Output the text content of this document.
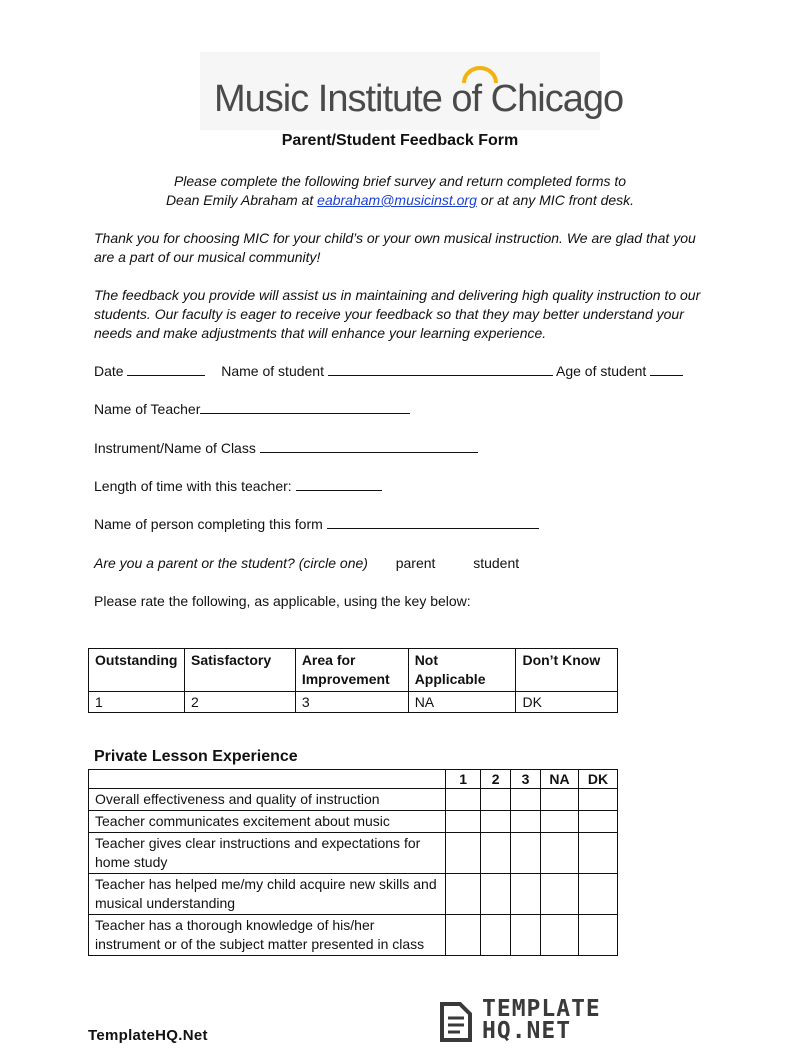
Music Institute of Chicago
Parent/Student Feedback Form
Please complete the following brief survey and return completed forms to
Dean Emily Abraham at eabraham@musicinst.org or at any MIC front desk.
Thank you for choosing MIC for your child’s or your own musical instruction. We are glad that you are a part of our musical community!
The feedback you provide will assist us in maintaining and delivering high quality instruction to our students. Our faculty is eager to receive your feedback so that they may better understand your needs and make adjustments that will enhance your learning experience.
Date	Name of student	Age of student
Name of Teacher
Instrument/Name of Class
Length of time with this teacher:
Name of person completing this form
Are you a parent or the student? (circle one) parent	student
Please rate the following, as applicable, using the key below:
Outstanding	Satisfactory	Area for Improvement	Not Applicable	Don’t Know
1	2	3	NA	DK
Private Lesson Experience
	1	2	3	NA	DK
Overall effectiveness and quality of instruction					
Teacher communicates excitement about music					
Teacher gives clear instructions and expectations for home study					
Teacher has helped me/my child acquire new skills and musical understanding					
Teacher has a thorough knowledge of his/her instrument or of the subject matter presented in class					
TemplateHQ.Net
TEMPLATE
HQ.NET
